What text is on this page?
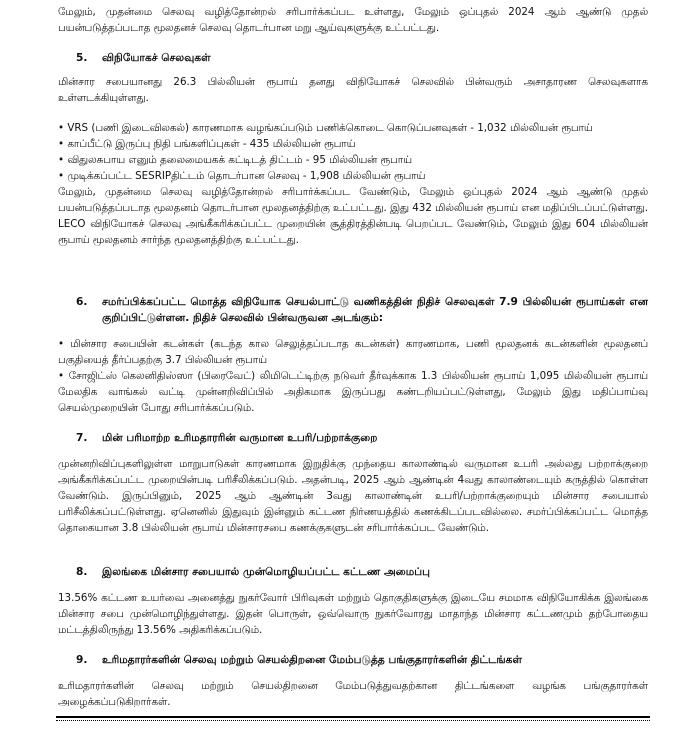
மேலும், முதன்மை செலவு வழித்தோன்றல் சரிபார்க்கப்பட உள்ளது, மேலும் ஒப்புதல் 2024 ஆம் ஆண்டு முதல் பயன்படுத்தப்படாத மூலதனச் செலவு தொடர்பான மறு ஆய்வுகளுக்கு உட்பட்டது.

5. விநியோகச் செலவுகள்

மின்சார சபையானது 26.3 பில்லியன் ரூபாய் தனது விநியோகச் செலவில் பின்வரும் அசாதாரண செலவுகளாக உள்ளடக்கியுள்ளது.

• VRS (பணி இடைவிலகல்) காரணமாக வழங்கப்படும் பணிக்கொடை கொடுப்பனவுகள் - 1,032 மில்லியன் ரூபாய்

• காப்பீட்டு இருப்பு நிதி பங்களிப்புகள் - 435 மில்லியன் ரூபாய்

• விதுலசுபாய எனும் தலைமையகக் கட்டிடத் திட்டம் - 95 மில்லியன் ரூபாய்

• முடிக்கப்பட்ட SESRIPதிட்டம் தொடர்பான செலவு - 1,908 மில்லியன் ரூபாய்

மேலும், முதன்மை செலவு வழித்தோன்றல் சரிபார்க்கப்பட வேண்டும், மேலும் ஒப்புதல் 2024 ஆம் ஆண்டு முதல் பயன்படுத்தப்படாத மூலதனம் தொடர்பான மூலதனத்திற்கு உட்பட்டது. இது 432 மில்லியன் ரூபாய் என மதிப்பிடப்பட்டுள்ளது.

LECO விநியோகச் செலவு அங்கீகரிக்கப்பட்ட முறையின் சூத்திரத்தின்படி பெறப்பட வேண்டும், மேலும் இது 604 மில்லியன் ரூபாய் மூலதனம் சார்ந்த மூலதனத்திற்கு உட்பட்டது.

6.	சமர்ப்பிக்கப்பட்ட மொத்த விநியோக செயல்பாட்டு வணிகத்தின் நிதிச் செலவுகள் 7.9 பில்லியன் ரூபாய்கள் என குறிப்பிட்டுள்ளன. நிதிச் செலவில் பின்வருவன அடங்கும்:

• மின்சார சபையின் கடன்கள் (கடந்த கால செலுத்தப்படாத கடன்கள்) காரணமாக, பணி மூலதனக் கடன்களின் மூலதனப் பகுதியைத் தீர்ப்பதற்கு 3.7 பில்லியன் ரூபாய்

• சோஜிட்ஸ் கெலனிதிஸ்ஸா (பிரைவேட்) லிமிடெட்டிற்கு நடுவர் தீர்வுக்காக 1.3 பில்லியன் ரூபாய் 1,095 மில்லியன் ரூபாய் மேலதிக வாங்கல் வட்டி முன்னறிவிப்பில் அதிகமாக இருப்பது கண்டறியப்பட்டுள்ளது, மேலும் இது மதிப்பாய்வு செயல்முறையின் போது சரிபார்க்கப்படும்.

7. மின் பரிமாற்ற உரிமதாரரின் வருமான உபரி/பற்றாக்குறை

முன்னறிவிப்புகளிலுள்ள மாறுபாடுகள் காரணமாக இறுதிக்கு முந்தைய காலாண்டில் வருமான உபரி அல்லது பற்றாக்குறை அங்கீகரிக்கப்பட்ட முறையின்படி பரிசீலிக்கப்படும். அதன்படி, 2025 ஆம் ஆண்டின் 4வது காலாண்டையும் கருத்தில் கொள்ள வேண்டும். இருப்பினும், 2025 ஆம் ஆண்டின் 3வது காலாண்டின் உபரி/பற்றாக்குறையும் மின்சார சபையால் பரிசீலிக்கப்பட்டுள்ளது. ஏனெனில் இதுவும் இன்னும் கட்டண நிர்ணயத்தில் கணக்கிடப்படவில்லை. சமர்ப்பிக்கப்பட்ட மொத்த தொகையான 3.8 பில்லியன் ரூபாய் மின்சாரசபை கணக்குகளுடன் சரிபார்க்கப்பட வேண்டும்.

8. இலங்கை மின்சார சபையால் முன்மொழியப்பட்ட கட்டண அமைப்பு

13.56% கட்டண உயர்வை அனைத்து நுகர்வோர் பிரிவுகள் மற்றும் தொகுதிகளுக்கு இடையே சமமாக விநியோகிக்க இலங்கை மின்சார சபை முன்மொழிந்துள்ளது. இதன் பொருள், ஒவ்வொரு நுகர்வோரது மாதாந்த மின்சார கட்டணமும் தற்போதைய மட்டத்திலிருந்து 13.56% அதிகரிக்கப்படும்.

9. உரிமதாரர்களின் செலவு மற்றும் செயல்திறனை மேம்படுத்த பங்குதாரர்களின் திட்டங்கள்

உரிமதாரர்களின் செலவு மற்றும் செயல்திறனை மேம்படுத்துவதற்கான திட்டங்களை வழங்க பங்குதாரர்கள் அழைக்கப்படுகிறார்கள்.
